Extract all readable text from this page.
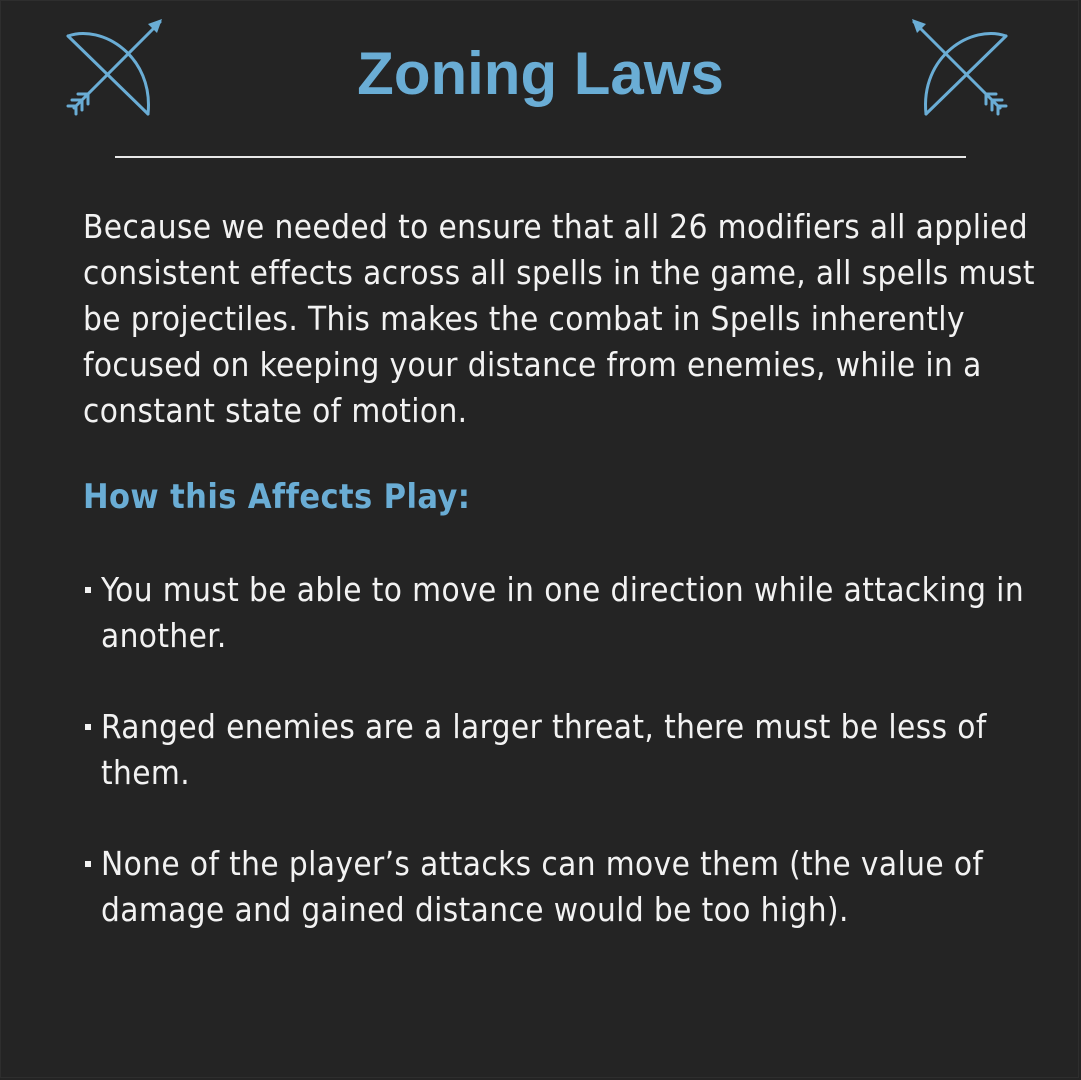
Zoning Laws

Because we needed to ensure that all 26 modifiers all applied consistent effects across all spells in the game, all spells must be projectiles. This makes the combat in Spells inherently focused on keeping your distance from enemies, while in a constant state of motion.

How this Affects Play:
You must be able to move in one direction while attacking in another.
Ranged enemies are a larger threat, there must be less of them.
None of the player’s attacks can move them (the value of damage and gained distance would be too high).
